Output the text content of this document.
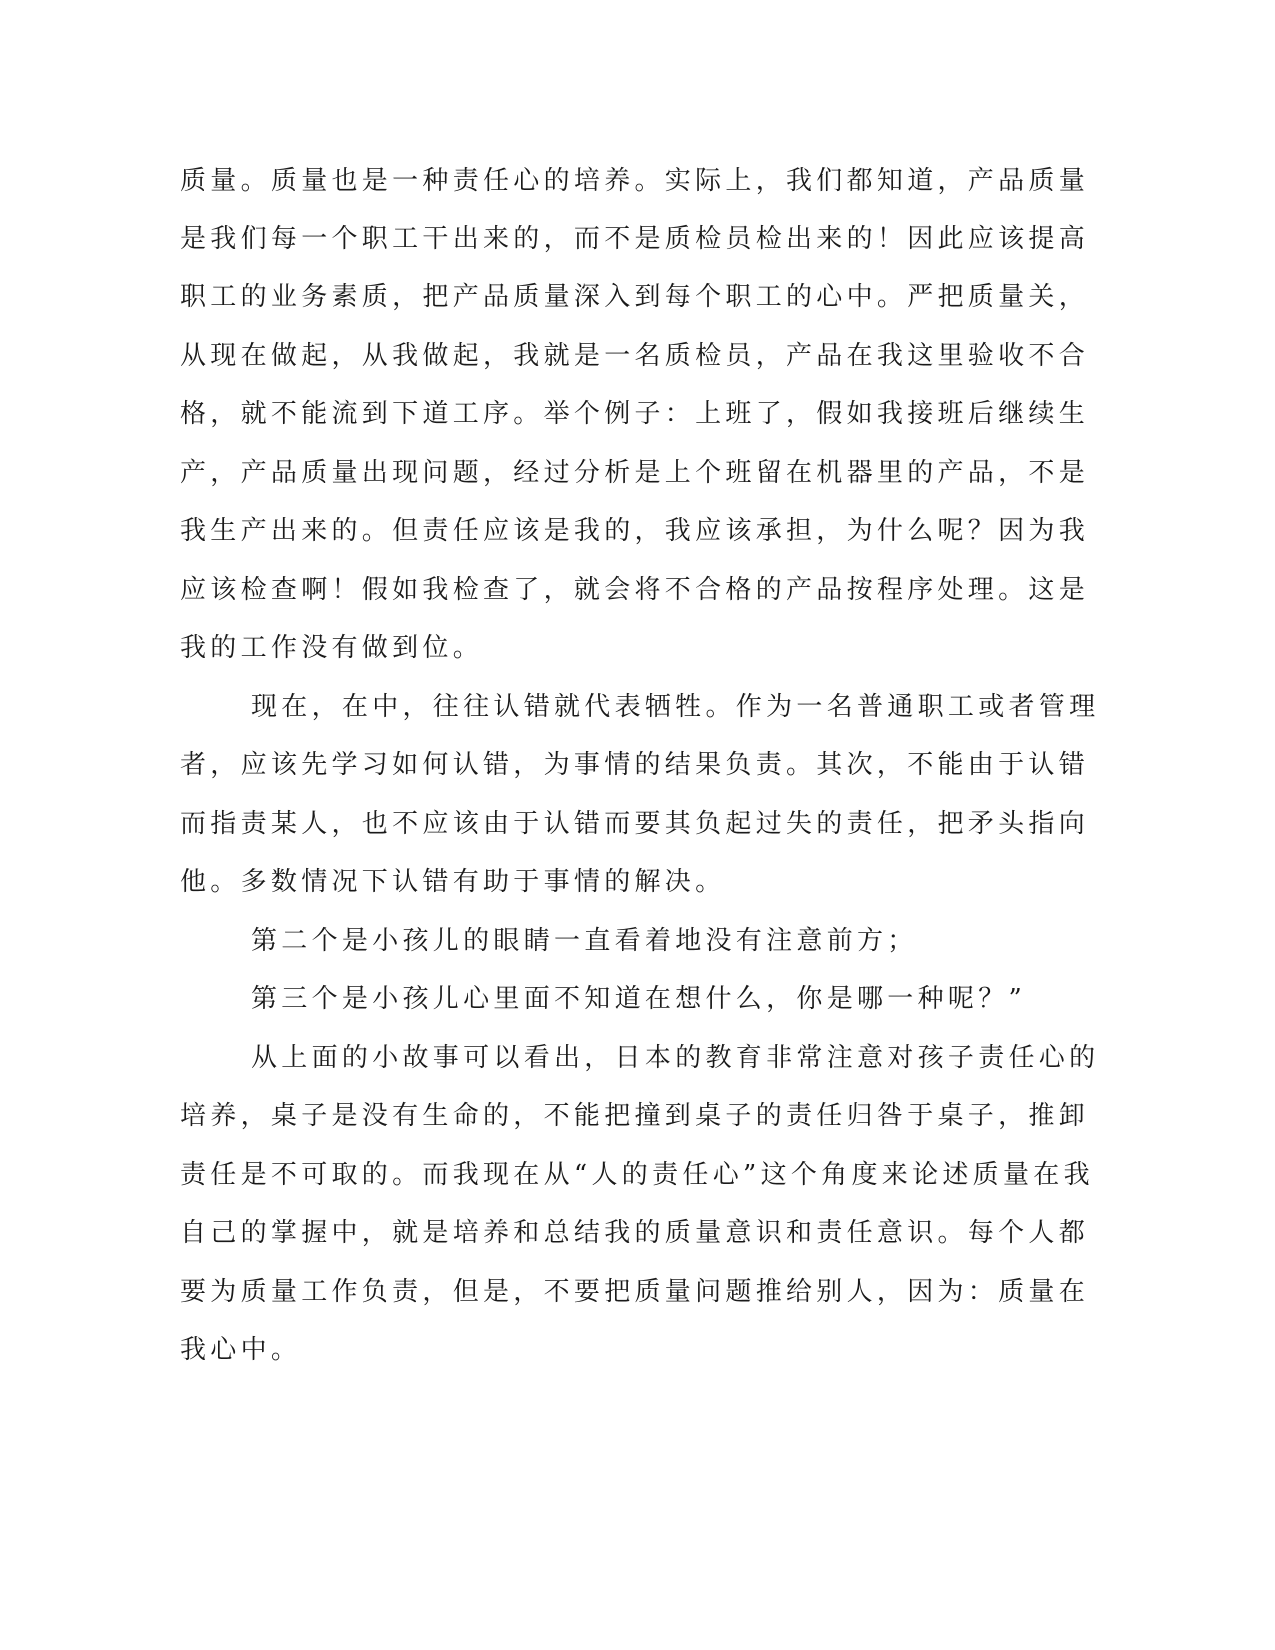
质量。质量也是一种责任心的培养。实际上，我们都知道，产品质量
是我们每一个职工干出来的，而不是质检员检出来的！因此应该提高
职工的业务素质，把产品质量深入到每个职工的心中。严把质量关，
从现在做起，从我做起，我就是一名质检员，产品在我这里验收不合
格，就不能流到下道工序。举个例子：上班了，假如我接班后继续生
产，产品质量出现问题，经过分析是上个班留在机器里的产品，不是
我生产出来的。但责任应该是我的，我应该承担，为什么呢？因为我
应该检查啊！假如我检查了，就会将不合格的产品按程序处理。这是
我的工作没有做到位。
现在，在中，往往认错就代表牺牲。作为一名普通职工或者管理
者，应该先学习如何认错，为事情的结果负责。其次，不能由于认错
而指责某人，也不应该由于认错而要其负起过失的责任，把矛头指向
他。多数情况下认错有助于事情的解决。
第二个是小孩儿的眼睛一直看着地没有注意前方；
第三个是小孩儿心里面不知道在想什么，你是哪一种呢？”
从上面的小故事可以看出，日本的教育非常注意对孩子责任心的
培养，桌子是没有生命的，不能把撞到桌子的责任归咎于桌子，推卸
责任是不可取的。而我现在从“人的责任心”这个角度来论述质量在我
自己的掌握中，就是培养和总结我的质量意识和责任意识。每个人都
要为质量工作负责，但是，不要把质量问题推给别人，因为：质量在
我心中。
